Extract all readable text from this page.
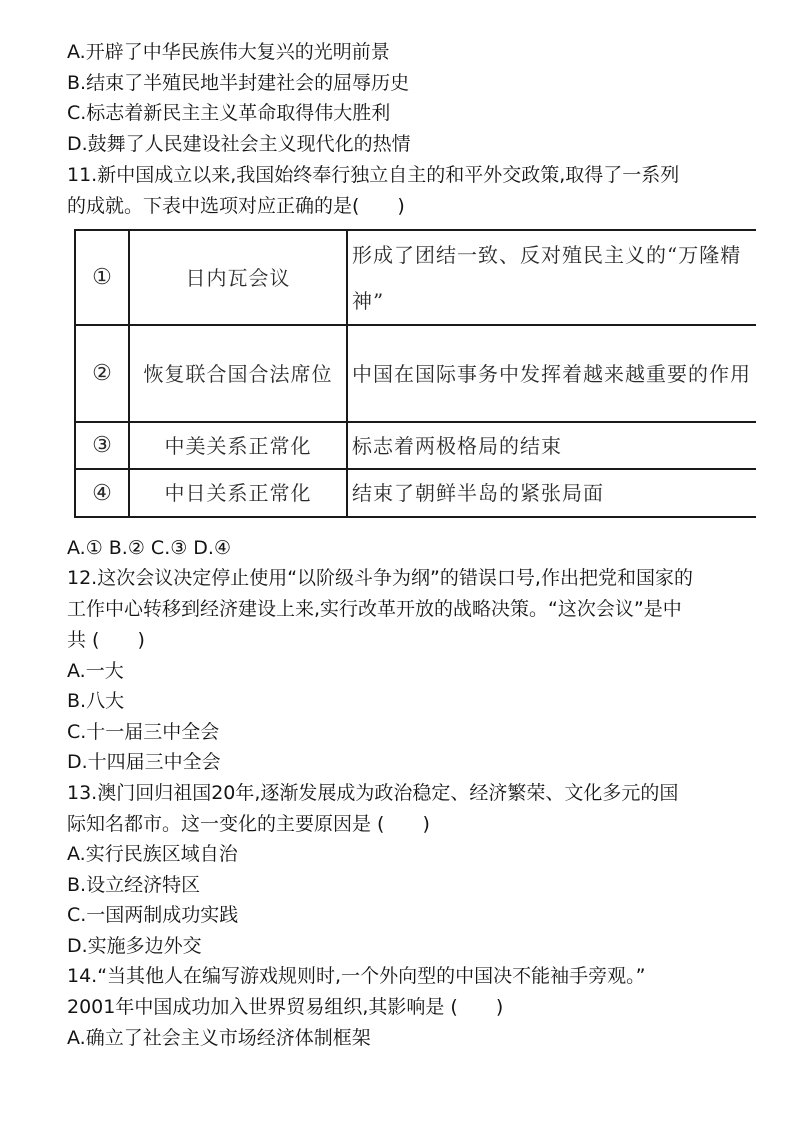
A.开辟了中华民族伟大复兴的光明前景
B.结束了半殖民地半封建社会的屈辱历史
C.标志着新民主主义革命取得伟大胜利
D.鼓舞了人民建设社会主义现代化的热情
11.新中国成立以来,我国始终奉行独立自主的和平外交政策,取得了一系列
的成就。下表中选项对应正确的是(　　)
①	日内瓦会议	形成了团结一致、反对殖民主义的“万隆精神”
②	恢复联合国合法席位	中国在国际事务中发挥着越来越重要的作用
③	中美关系正常化	标志着两极格局的结束
④	中日关系正常化	结束了朝鲜半岛的紧张局面
A.① B.② C.③ D.④
12.这次会议决定停止使用“以阶级斗争为纲”的错误口号,作出把党和国家的
工作中心转移到经济建设上来,实行改革开放的战略决策。“这次会议”是中
共 (　　)
A.一大
B.八大
C.十一届三中全会
D.十四届三中全会
13.澳门回归祖国20年,逐渐发展成为政治稳定、经济繁荣、文化多元的国
际知名都市。这一变化的主要原因是 (　　)
A.实行民族区域自治
B.设立经济特区
C.一国两制成功实践
D.实施多边外交
14.“当其他人在编写游戏规则时,一个外向型的中国决不能袖手旁观。”
2001年中国成功加入世界贸易组织,其影响是 (　　)
A.确立了社会主义市场经济体制框架
